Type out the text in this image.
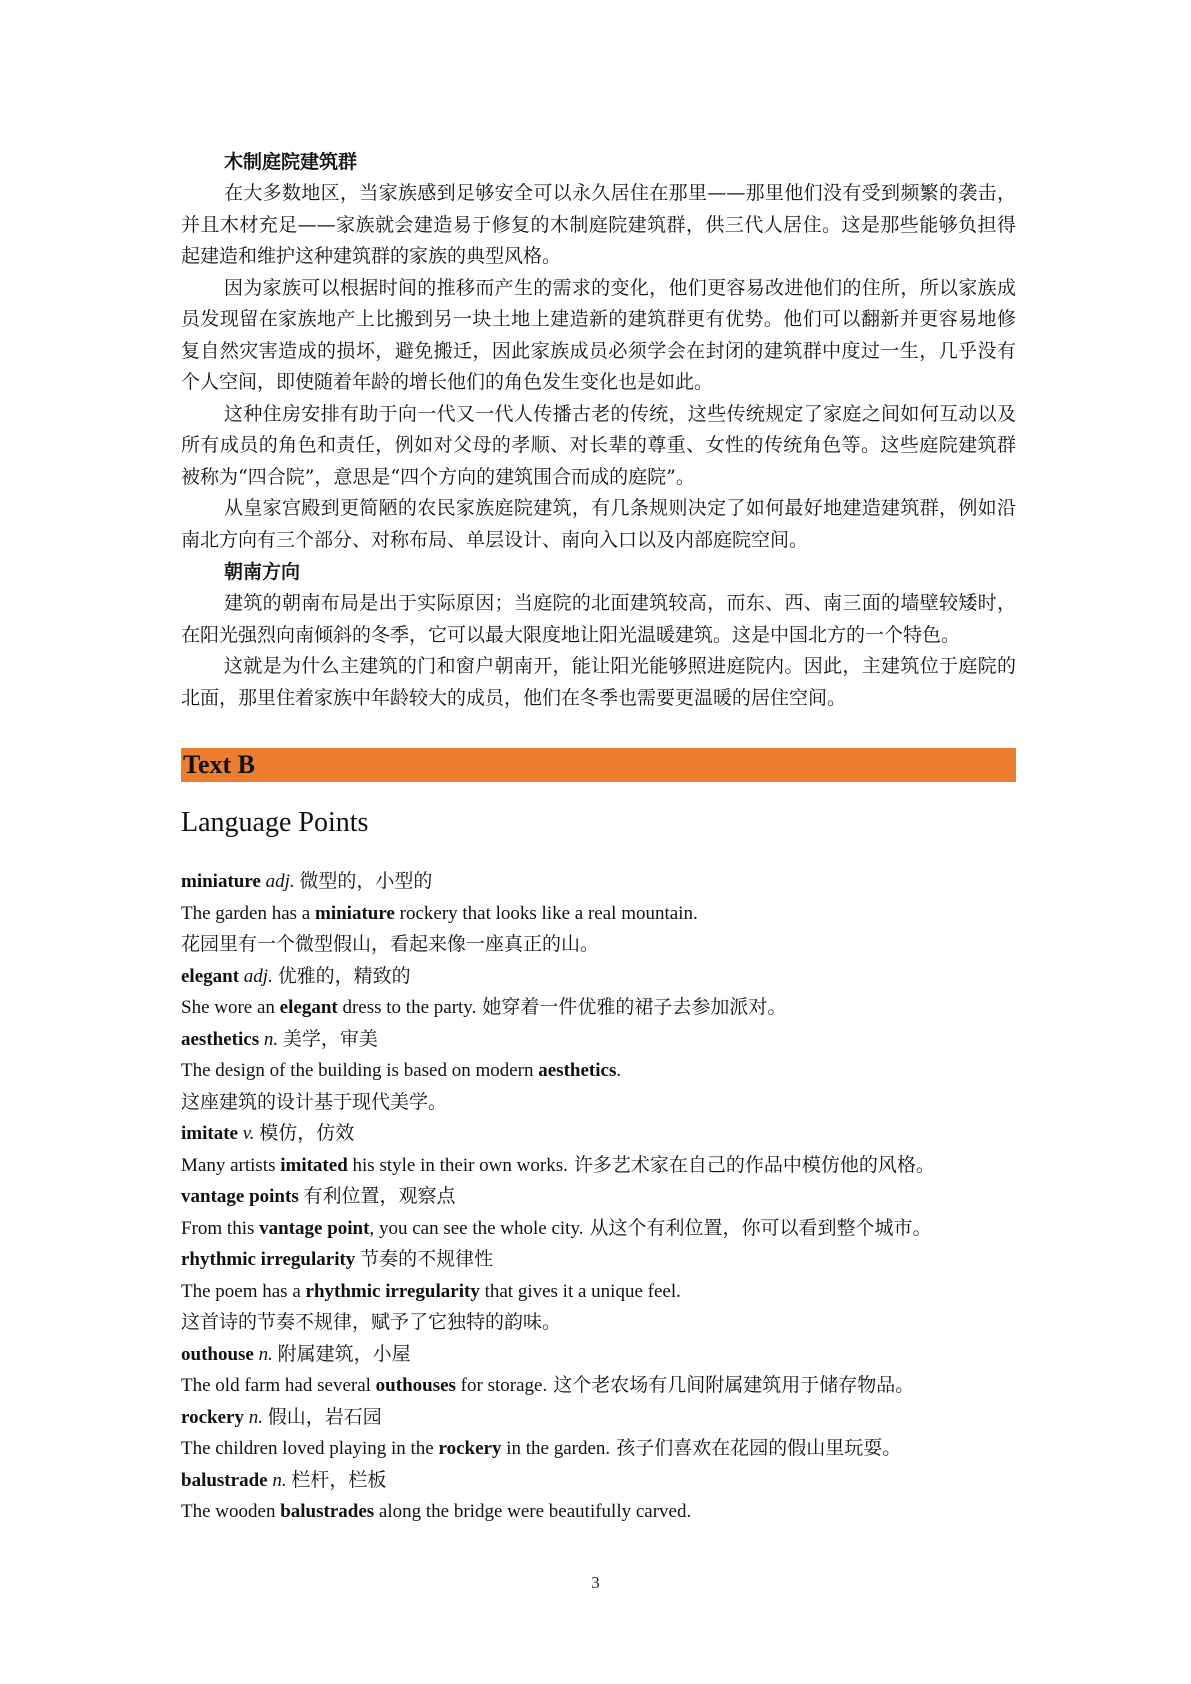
木制庭院建筑群

在大多数地区，当家族感到足够安全可以永久居住在那里——那里他们没有受到频繁的袭击，并且木材充足——家族就会建造易于修复的木制庭院建筑群，供三代人居住。这是那些能够负担得起建造和维护这种建筑群的家族的典型风格。

因为家族可以根据时间的推移而产生的需求的变化，他们更容易改进他们的住所，所以家族成员发现留在家族地产上比搬到另一块土地上建造新的建筑群更有优势。他们可以翻新并更容易地修复自然灾害造成的损坏，避免搬迁，因此家族成员必须学会在封闭的建筑群中度过一生，几乎没有个人空间，即使随着年龄的增长他们的角色发生变化也是如此。

这种住房安排有助于向一代又一代人传播古老的传统，这些传统规定了家庭之间如何互动以及所有成员的角色和责任，例如对父母的孝顺、对长辈的尊重、女性的传统角色等。这些庭院建筑群被称为“四合院”，意思是“四个方向的建筑围合而成的庭院”。

从皇家宫殿到更简陋的农民家族庭院建筑，有几条规则决定了如何最好地建造建筑群，例如沿南北方向有三个部分、对称布局、单层设计、南向入口以及内部庭院空间。

朝南方向

建筑的朝南布局是出于实际原因；当庭院的北面建筑较高，而东、西、南三面的墙壁较矮时，在阳光强烈向南倾斜的冬季，它可以最大限度地让阳光温暖建筑。这是中国北方的一个特色。

这就是为什么主建筑的门和窗户朝南开，能让阳光能够照进庭院内。因此，主建筑位于庭院的北面，那里住着家族中年龄较大的成员，他们在冬季也需要更温暖的居住空间。

Text B
Language Points

miniature adj. 微型的，小型的

The garden has a miniature rockery that looks like a real mountain.

花园里有一个微型假山，看起来像一座真正的山。

elegant adj. 优雅的，精致的

She wore an elegant dress to the party. 她穿着一件优雅的裙子去参加派对。

aesthetics n. 美学，审美

The design of the building is based on modern aesthetics.

这座建筑的设计基于现代美学。

imitate v. 模仿，仿效

Many artists imitated his style in their own works. 许多艺术家在自己的作品中模仿他的风格。

vantage points 有利位置，观察点

From this vantage point, you can see the whole city. 从这个有利位置，你可以看到整个城市。

rhythmic irregularity 节奏的不规律性

The poem has a rhythmic irregularity that gives it a unique feel.

这首诗的节奏不规律，赋予了它独特的韵味。

outhouse n. 附属建筑，小屋

The old farm had several outhouses for storage. 这个老农场有几间附属建筑用于储存物品。

rockery n. 假山，岩石园

The children loved playing in the rockery in the garden. 孩子们喜欢在花园的假山里玩耍。

balustrade n. 栏杆，栏板

The wooden balustrades along the bridge were beautifully carved.

3
